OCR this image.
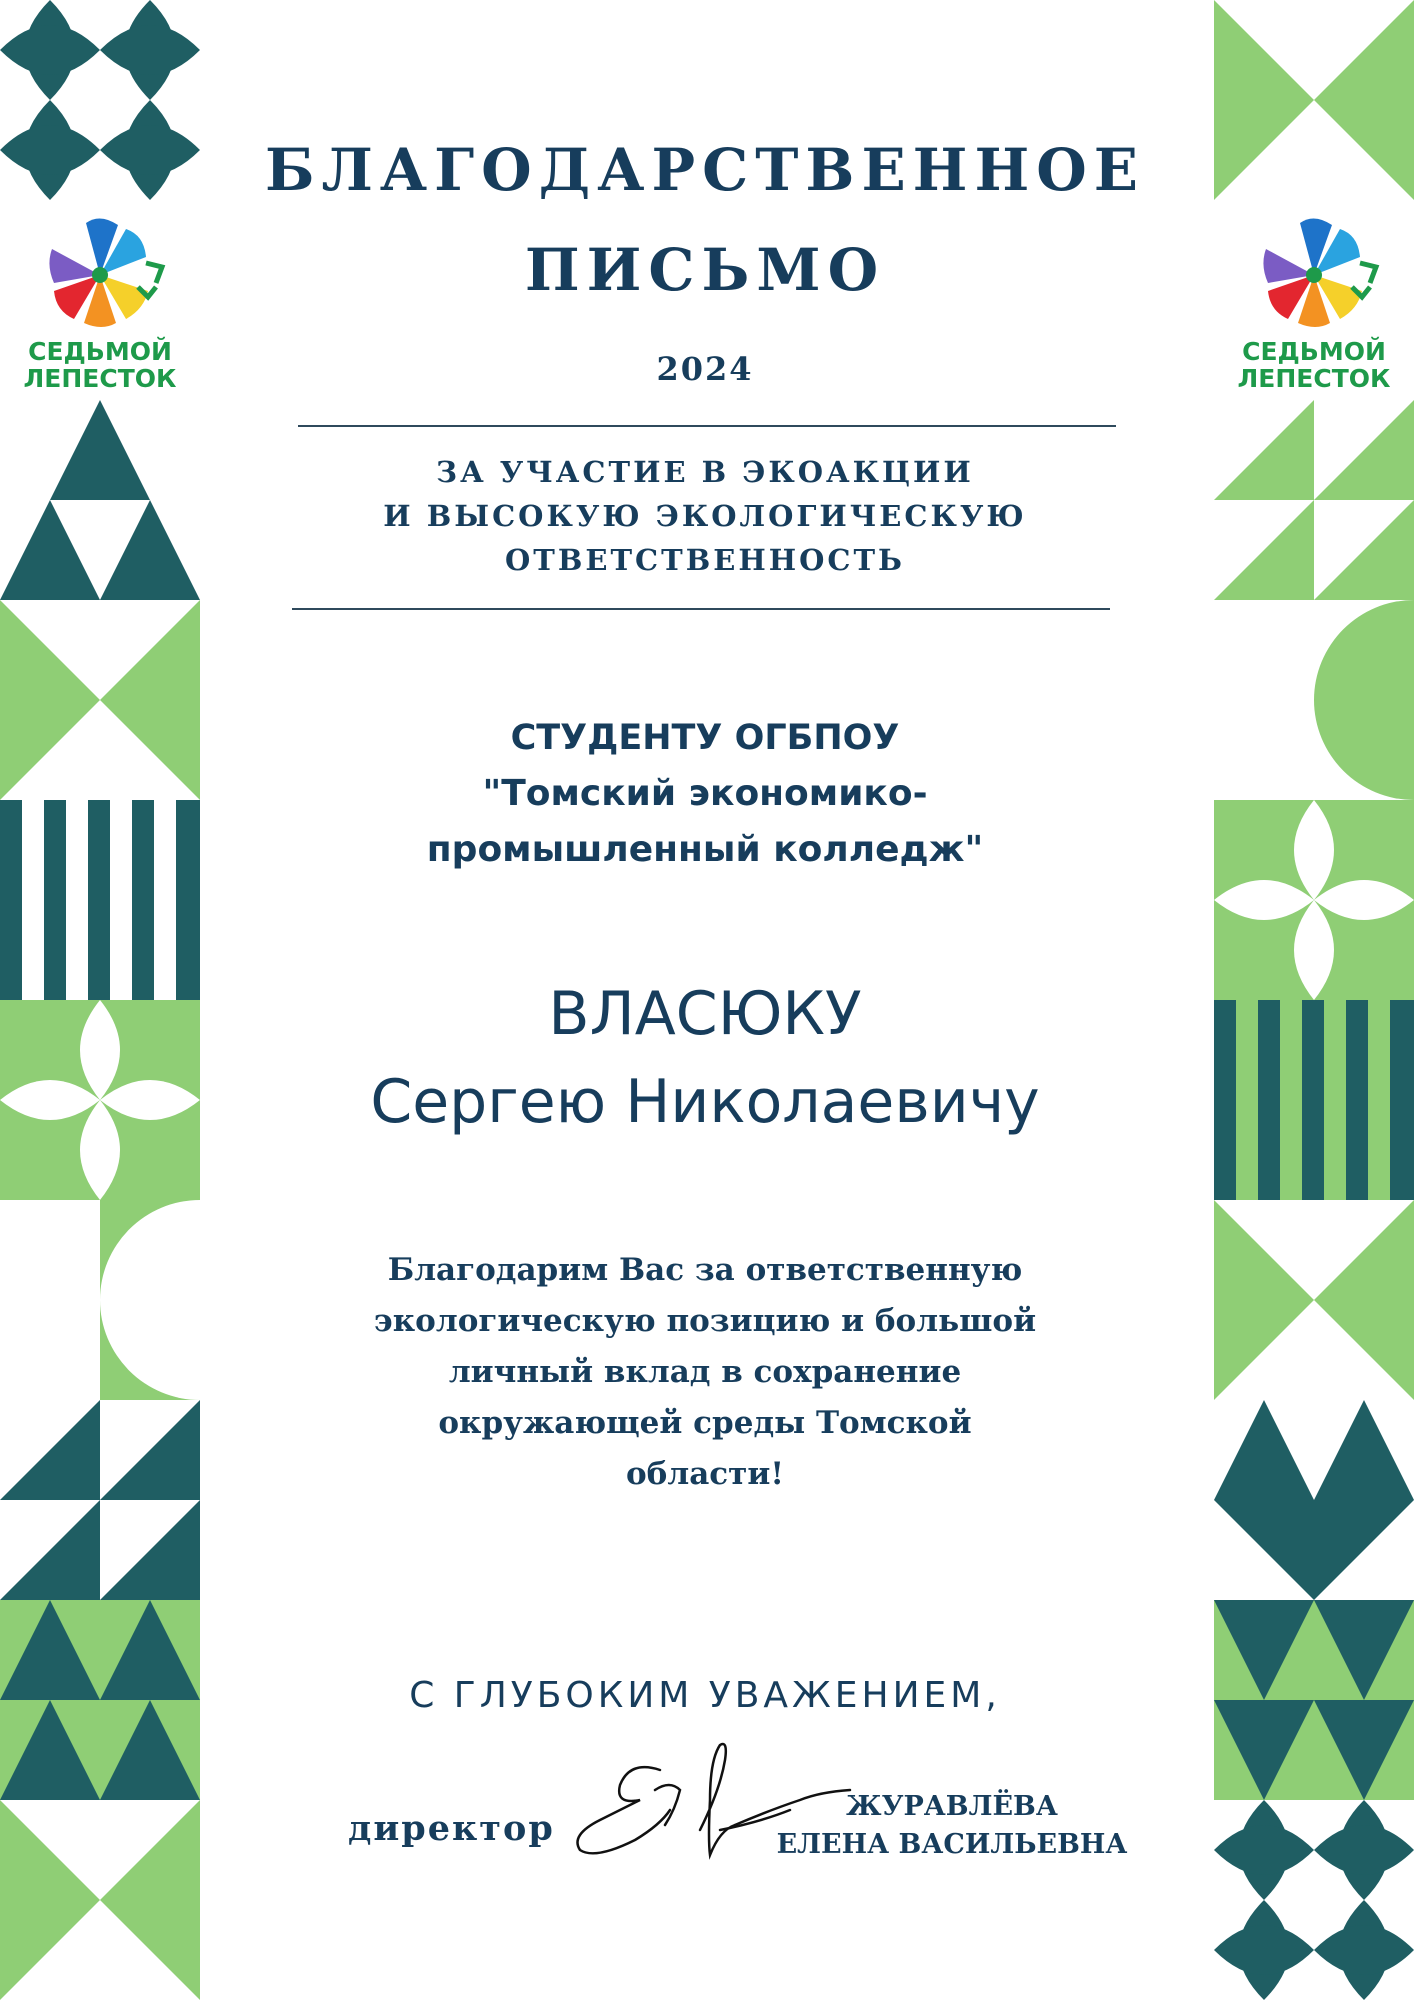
СЕДЬМОЙ
ЛЕПЕСТОК
СЕДЬМОЙ
ЛЕПЕСТОК
БЛАГОДАРСТВЕННОЕ
ПИСЬМО
2024
ЗА УЧАСТИЕ В ЭКОАКЦИИ
И ВЫСОКУЮ ЭКОЛОГИЧЕСКУЮ
ОТВЕТСТВЕННОСТЬ
СТУДЕНТУ ОГБПОУ
"Томский экономико-
промышленный колледж"
ВЛАСЮКУ
Сергею Николаевичу
Благодарим Вас за ответственную
экологическую позицию и большой
личный вклад в сохранение
окружающей среды Томской
области!
С ГЛУБОКИМ УВАЖЕНИЕМ,
директор
ЖУРАВЛЁВА
ЕЛЕНА ВАСИЛЬЕВНА
